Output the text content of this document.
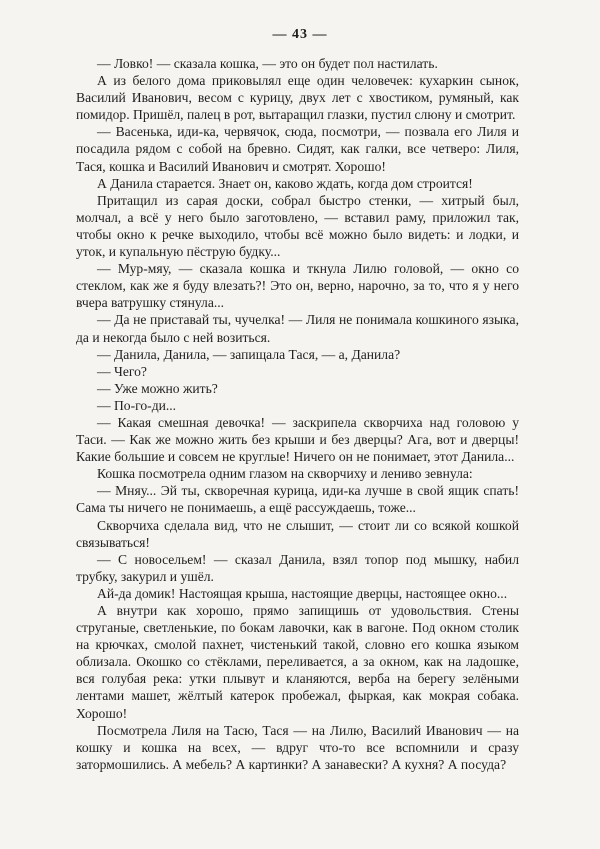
— 43 —

— Ловко! — сказала кошка, — это он будет пол настилать.

А из белого дома приковылял еще один человечек: кухаркин сынок, Василий Иванович, весом с курицу, двух лет с хвостиком, румяный, как помидор. Пришёл, палец в рот, вытаращил глазки, пустил слюну и смотрит.

— Васенька, иди-ка, червячок, сюда, посмотри, — позвала его Лиля и посадила рядом с собой на бревно. Сидят, как галки, все четверо: Лиля, Тася, кошка и Василий Иванович и смотрят. Хорошо!

А Данила старается. Знает он, каково ждать, когда дом строится!

Притащил из сарая доски, собрал быстро стенки, — хитрый был, молчал, а всё у него было заготовлено, — вставил раму, приложил так, чтобы окно к речке выходило, чтобы всё можно было видеть: и лодки, и уток, и купальную пёструю будку...

— Мур-мяу, — сказала кошка и ткнула Лилю головой, — окно со стеклом, как же я буду влезать?! Это он, верно, нарочно, за то, что я у него вчера ватрушку стянула...

— Да не приставай ты, чучелка! — Лиля не понимала кошкиного языка, да и некогда было с ней возиться.

— Данила, Данила, — запищала Тася, — а, Данила?

— Чего?

— Уже можно жить?

— По-го-ди...

— Какая смешная девочка! — заскрипела скворчиха над головою у Таси. — Как же можно жить без крыши и без дверцы? Ага, вот и дверцы! Какие большие и совсем не круглые! Ничего он не понимает, этот Данила...

Кошка посмотрела одним глазом на скворчиху и лениво зевнула:

— Мняу... Эй ты, скворечная курица, иди-ка лучше в свой ящик спать! Сама ты ничего не понимаешь, а ещё рассуждаешь, тоже...

Скворчиха сделала вид, что не слышит, — стоит ли со всякой кошкой связываться!

— С новосельем! — сказал Данила, взял топор под мышку, набил трубку, закурил и ушёл.

Ай-да домик! Настоящая крыша, настоящие дверцы, настоящее окно...

А внутри как хорошо, прямо запищишь от удовольствия. Стены струганые, светленькие, по бокам лавочки, как в вагоне. Под окном столик на крючках, смолой пахнет, чистенький такой, словно его кошка языком облизала. Окошко со стёклами, переливается, а за окном, как на ладошке, вся голубая река: утки плывут и кланяются, верба на берегу зелёными лентами машет, жёлтый катерок пробежал, фыркая, как мокрая собака. Хорошо!

Посмотрела Лиля на Тасю, Тася — на Лилю, Василий Иванович — на кошку и кошка на всех, — вдруг что-то все вспомнили и сразу затормошились. А мебель? А картинки? А занавески? А кухня? А посуда?
